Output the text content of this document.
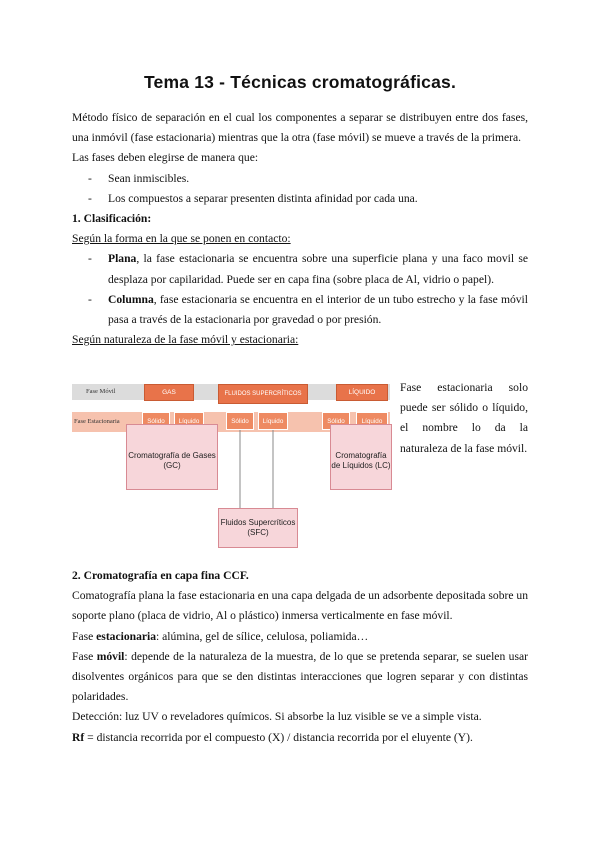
Tema 13 - Técnicas cromatográficas.

Método físico de separación en el cual los componentes a separar se distribuyen entre dos fases, una inmóvil (fase estacionaria) mientras que la otra (fase móvil) se mueve a través de la primera.

Las fases deben elegirse de manera que:

-	Sean inmiscibles.
-	Los compuestos a separar presenten distinta afinidad por cada una.

1. Clasificación:

Según la forma en la que se ponen en contacto:

-	Plana, la fase estacionaria se encuentra sobre una superficie plana y una faco movil se desplaza por capilaridad. Puede ser en capa fina (sobre placa de Al, vidrio o papel).
-	Columna, fase estacionaria se encuentra en el interior de un tubo estrecho y la fase móvil pasa a través de la estacionaria por gravedad o por presión.

Según naturaleza de la fase móvil y estacionaria:

Fase Móvil
Fase Estacionaria
GAS	FLUIDOS SUPERCRÍTICOS	LÍQUIDO
Sólido	Líquido	Sólido	Líquido	Sólido	Líquido
Cromatografía de Gases (GC)
Cromatografía de Líquidos (LC)
Fluidos Supercríticos (SFC)

Fase estacionaria solo puede ser sólido o líquido, el nombre lo da la naturaleza de la fase móvil.

2. Cromatografía en capa fina CCF.

Comatografía plana la fase estacionaria en una capa delgada de un adsorbente depositada sobre un soporte plano (placa de vidrio, Al o plástico) inmersa verticalmente en fase móvil.

Fase estacionaria: alúmina, gel de sílice, celulosa, poliamida…

Fase móvil: depende de la naturaleza de la muestra, de lo que se pretenda separar, se suelen usar disolventes orgánicos para que se den distintas interacciones que logren separar y con distintas polaridades.

Detección: luz UV o reveladores químicos. Si absorbe la luz visible se ve a simple vista.

Rf = distancia recorrida por el compuesto (X) / distancia recorrida por el eluyente (Y).
